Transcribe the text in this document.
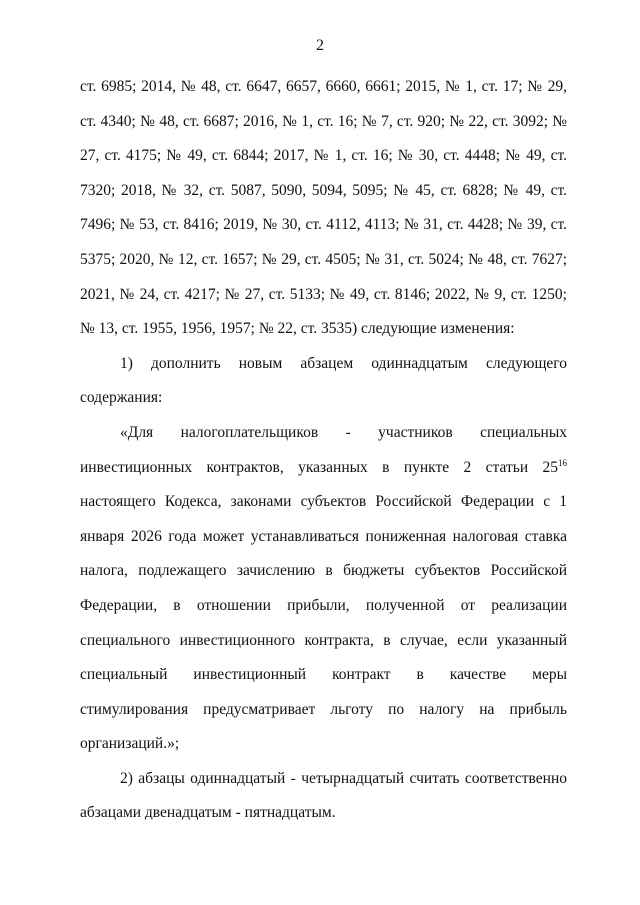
2

ст. 6985; 2014, № 48, ст. 6647, 6657, 6660, 6661; 2015, № 1, ст. 17; № 29, ст. 4340; № 48, ст. 6687; 2016, № 1, ст. 16; № 7, ст. 920; № 22, ст. 3092; № 27, ст. 4175; № 49, ст. 6844; 2017, № 1, ст. 16; № 30, ст. 4448; № 49, ст. 7320; 2018, № 32, ст. 5087, 5090, 5094, 5095; № 45, ст. 6828; № 49, ст. 7496; № 53, ст. 8416; 2019, № 30, ст. 4112, 4113; № 31, ст. 4428; № 39, ст. 5375; 2020, № 12, ст. 1657; № 29, ст. 4505; № 31, ст. 5024; № 48, ст. 7627; 2021, № 24, ст. 4217; № 27, ст. 5133; № 49, ст. 8146; 2022, № 9, ст. 1250; № 13, ст. 1955, 1956, 1957; № 22, ст. 3535) следующие изменения:

1) дополнить новым абзацем одиннадцатым следующего содержания:

«Для налогоплательщиков - участников специальных инвестиционных контрактов, указанных в пункте 2 статьи $25^{16}$ настоящего Кодекса, законами субъектов Российской Федерации с 1 января 2026 года может устанавливаться пониженная налоговая ставка налога, подлежащего зачислению в бюджеты субъектов Российской Федерации, в отношении прибыли, полученной от реализации специального инвестиционного контракта, в случае, если указанный специальный инвестиционный контракт в качестве меры стимулирования предусматривает льготу по налогу на прибыль организаций.»;

2) абзацы одиннадцатый - четырнадцатый считать соответственно абзацами двенадцатым - пятнадцатым.
